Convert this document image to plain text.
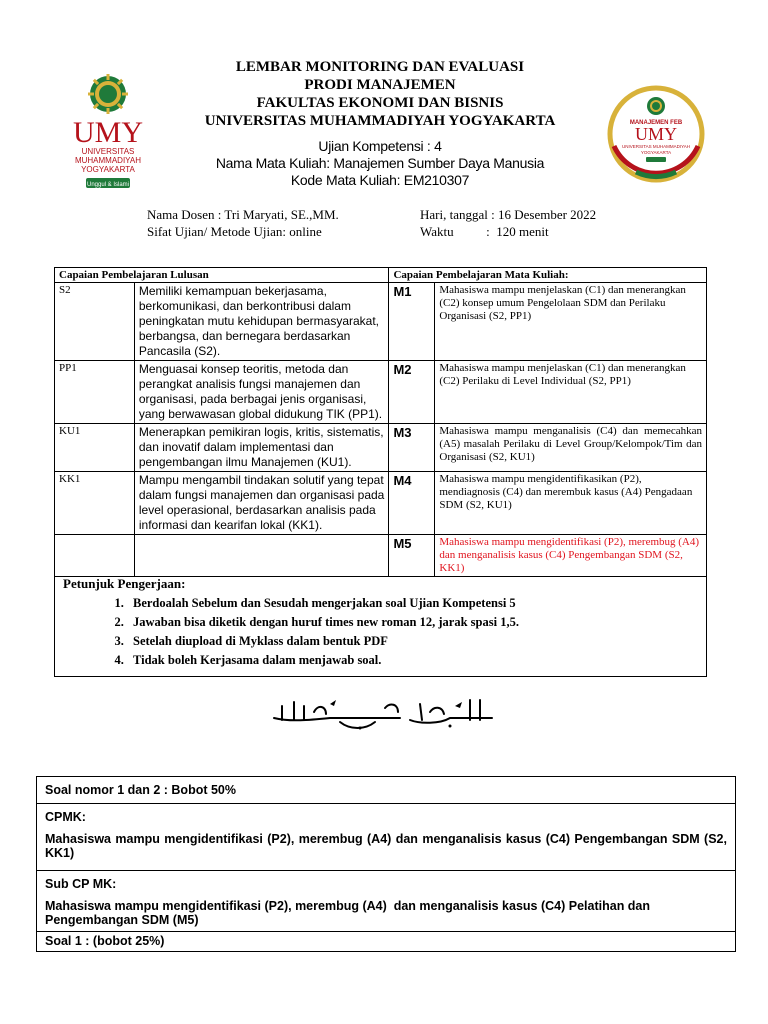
UMY
UNIVERSITAS
MUHAMMADIYAH
YOGYAKARTA
Unggul & Islami
MANAJEMEN FEB
UMY
UNIVERSITAS MUHAMMADIYAH
YOGYAKARTA
LEMBAR MONITORING DAN EVALUASI
PRODI MANAJEMEN
FAKULTAS EKONOMI DAN BISNIS
UNIVERSITAS MUHAMMADIYAH YOGYAKARTA
Ujian Kompetensi : 4
Nama Mata Kuliah: Manajemen Sumber Daya Manusia
Kode Mata Kuliah: EM210307
Nama Dosen : Tri Maryati, SE.,MM.
Sifat Ujian/ Metode Ujian: online
Hari, tanggal : 16 Desember 2022
Waktu          :  120 menit
Capaian Pembelajaran Lulusan		Capaian Pembelajaran Mata Kuliah:	
S2	Memiliki kemampuan bekerjasama, berkomunikasi, dan berkontribusi dalam peningkatan mutu kehidupan bermasyarakat, berbangsa, dan bernegara berdasarkan Pancasila (S2).	M1	Mahasiswa mampu menjelaskan (C1) dan menerangkan (C2) konsep umum Pengelolaan SDM dan Perilaku Organisasi (S2, PP1)
PP1	Menguasai konsep teoritis, metoda dan perangkat analisis fungsi manajemen dan organisasi, pada berbagai jenis organisasi, yang berwawasan global didukung TIK (PP1).	M2	Mahasiswa mampu menjelaskan (C1) dan menerangkan (C2) Perilaku di Level Individual (S2, PP1)
KU1	Menerapkan pemikiran logis, kritis, sistematis, dan inovatif dalam implementasi dan pengembangan ilmu Manajemen (KU1).	M3	Mahasiswa mampu menganalisis (C4) dan memecahkan (A5) masalah Perilaku di Level Group/Kelompok/Tim dan Organisasi (S2, KU1)
KK1	Mampu mengambil tindakan solutif yang tepat dalam fungsi manajemen dan organisasi pada level operasional, berdasarkan analisis pada informasi dan kearifan lokal (KK1).	M4	Mahasiswa mampu mengidentifikasikan (P2), mendiagnosis (C4) dan merembuk kasus (A4) Pengadaan SDM (S2, KU1)
		M5	Mahasiswa mampu mengidentifikasi (P2), merembug (A4) dan menganalisis kasus (C4) Pengembangan SDM (S2, KK1)
Petunjuk Pengerjaan:
1. Berdoalah Sebelum dan Sesudah mengerjakan soal Ujian Kompetensi 5
2. Jawaban bisa diketik dengan huruf times new roman 12, jarak spasi 1,5.
3. Setelah diupload di Myklass dalam bentuk PDF
4. Tidak boleh Kerjasama dalam menjawab soal.
Soal nomor 1 dan 2 : Bobot 50%
CPMK:
Mahasiswa mampu mengidentifikasi (P2), merembug (A4) dan menganalisis kasus (C4) Pengembangan SDM (S2, KK1)
Sub CP MK:
Mahasiswa mampu mengidentifikasi (P2), merembug (A4)  dan menganalisis kasus (C4) Pelatihan dan Pengembangan SDM (M5)
Soal 1 : (bobot 25%)
